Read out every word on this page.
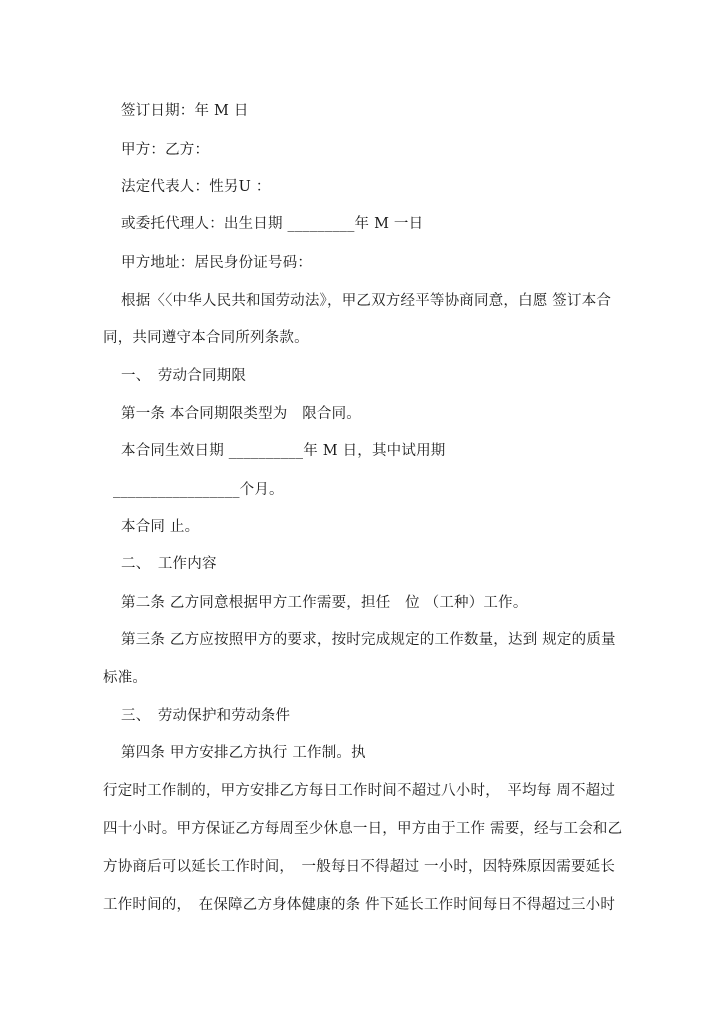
签订日期：年 M 日
甲方：乙方：
法定代表人：性另U ：
或委托代理人：出生日期 _________年 M 一日
甲方地址：居民身份证号码：
根据〈〈中华人民共和国劳动法》，甲乙双方经平等协商同意，白愿 签订本合
同，共同遵守本合同所列条款。
一、　劳动合同期限
第一条 本合同期限类型为　限合同。
本合同生效日期 __________年 M 日，其中试用期
_________________个月。
本合同 止。
二、　工作内容
第二条 乙方同意根据甲方工作需要，担任　位 （工种）工作。
第三条 乙方应按照甲方的要求，按时完成规定的工作数量，达到 规定的质量
标准。
三、　劳动保护和劳动条件
第四条 甲方安排乙方执行 工作制。执
行定时工作制的，甲方安排乙方每日工作时间不超过八小时，　平均每 周不超过
四十小时。甲方保证乙方每周至少休息一日，甲方由于工作 需要，经与工会和乙
方协商后可以延长工作时间，　一般每日不得超过 一小时，因特殊原因需要延长
工作时间的，　在保障乙方身体健康的条 件下延长工作时间每日不得超过三小时
